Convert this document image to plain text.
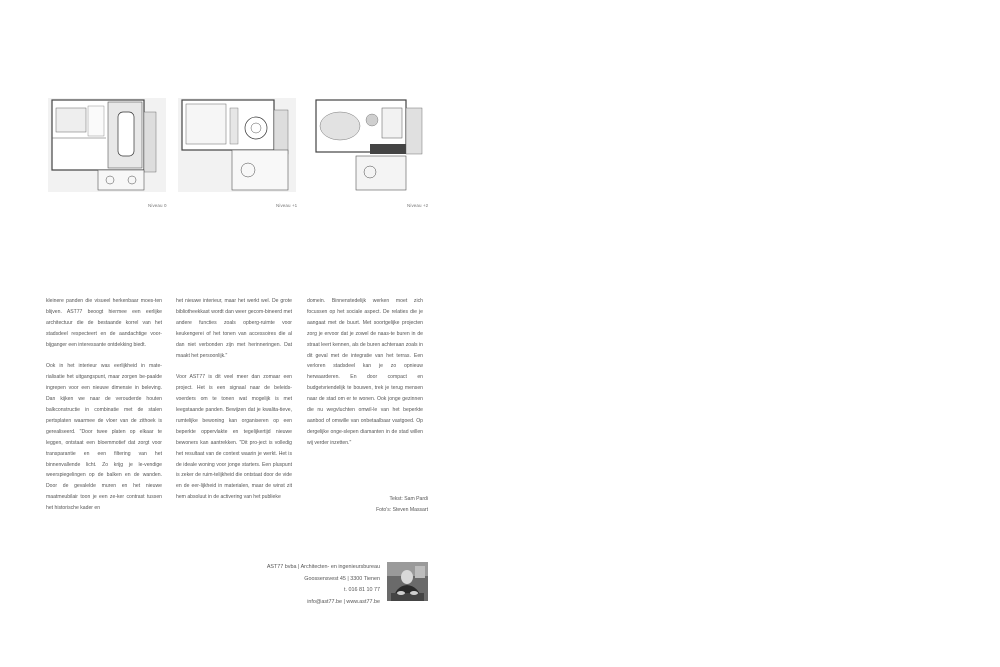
Niveau 0	Niveau +1	Niveau +2

kleinere panden die visueel herkenbaar moes-ten blijven. AST77 beoogt hiermee een eerlijke architectuur die de bestaande korrel van het stadsdeel respecteert en de aandachtige voor-bijganger een interessante ontdekking biedt.

Ook in het interieur was eerlijkheid in mate-rialisatie het uitgangspunt, maar zorgen be-paalde ingrepen voor een nieuwe dimensie in beleving. Dan kijken we naar de verouderde houten balkconstructie in combinatie met de stalen pertsplaten waarmee de vloer van de zithoek is gerealiseerd. "Door twee platen op elkaar te leggen, ontstaat een bloemmotief dat zorgt voor transparantie en een filtering van het binnenvallende licht. Zo krijg je le-vendige weerspiegelingen op de balken en de wanden. Door de gevalelde muren en het nieuwe maatmeubilair toon je een ze-ker contrast tussen het historische kader en

het nieuwe interieur, maar het werkt wel. De grote bibliotheekkast wordt dan weer gecom-bineerd met andere functies zoals opberg-ruimte voor keukengerei of het tonen van accessoires die al dan niet verbonden zijn met herinneringen. Dat maakt het persoonlijk."

Voor AST77 is dit veel meer dan zomaar een project. Het is een signaal naar de beleids-voerders om te tonen wat mogelijk is met leegstaande panden. Bewijzen dat je kwalita-tieve, rumtelijke bewoning kan organiseren op een beperkte oppervlakte en tegelijkertijd nieuwe bewoners kan aantrekken. "Dit pro-ject is volledig het resultaat van de context waarin je werkt. Het is de ideale woning voor jonge starters. Een pluspunt is zeker de ruim-telijkheid die ontstaat door de vide en de eer-lijkheid in materialen, maar de winst zit hem absoluut in de activering van het publieke

domein. Binnenstedelijk werken moet zich focussen op het sociale aspect. De relaties die je aangaat met de buurt. Met soortgelijke projecten zorg je ervoor dat je zowel de naas-te buren in de straat leert kennen, als de buren achteraan zoals in dit geval met de integratie van het terras. Een verloren stadsdeel kan je zo opnieuw herwaarderen. En door compact en budgetvriendelijk te bouwen, trek je terug mensen naar de stad om er te wonen. Ook jonge gezinnen die nu wegvluchten omwil-le van het beperkte aanbod of omwille van onbetaalbaar vastgoed. Op dergelijke onge-slepen diamanten in de stad willen wij verder inzetten."

Tekst: Sam Pardi
Foto's: Steven Massart
AST77 bvba | Architecten- en ingenieursbureau
Goossensvest 45 | 3300 Tienen
t. 016 81 10 77
info@ast77.be | www.ast77.be
